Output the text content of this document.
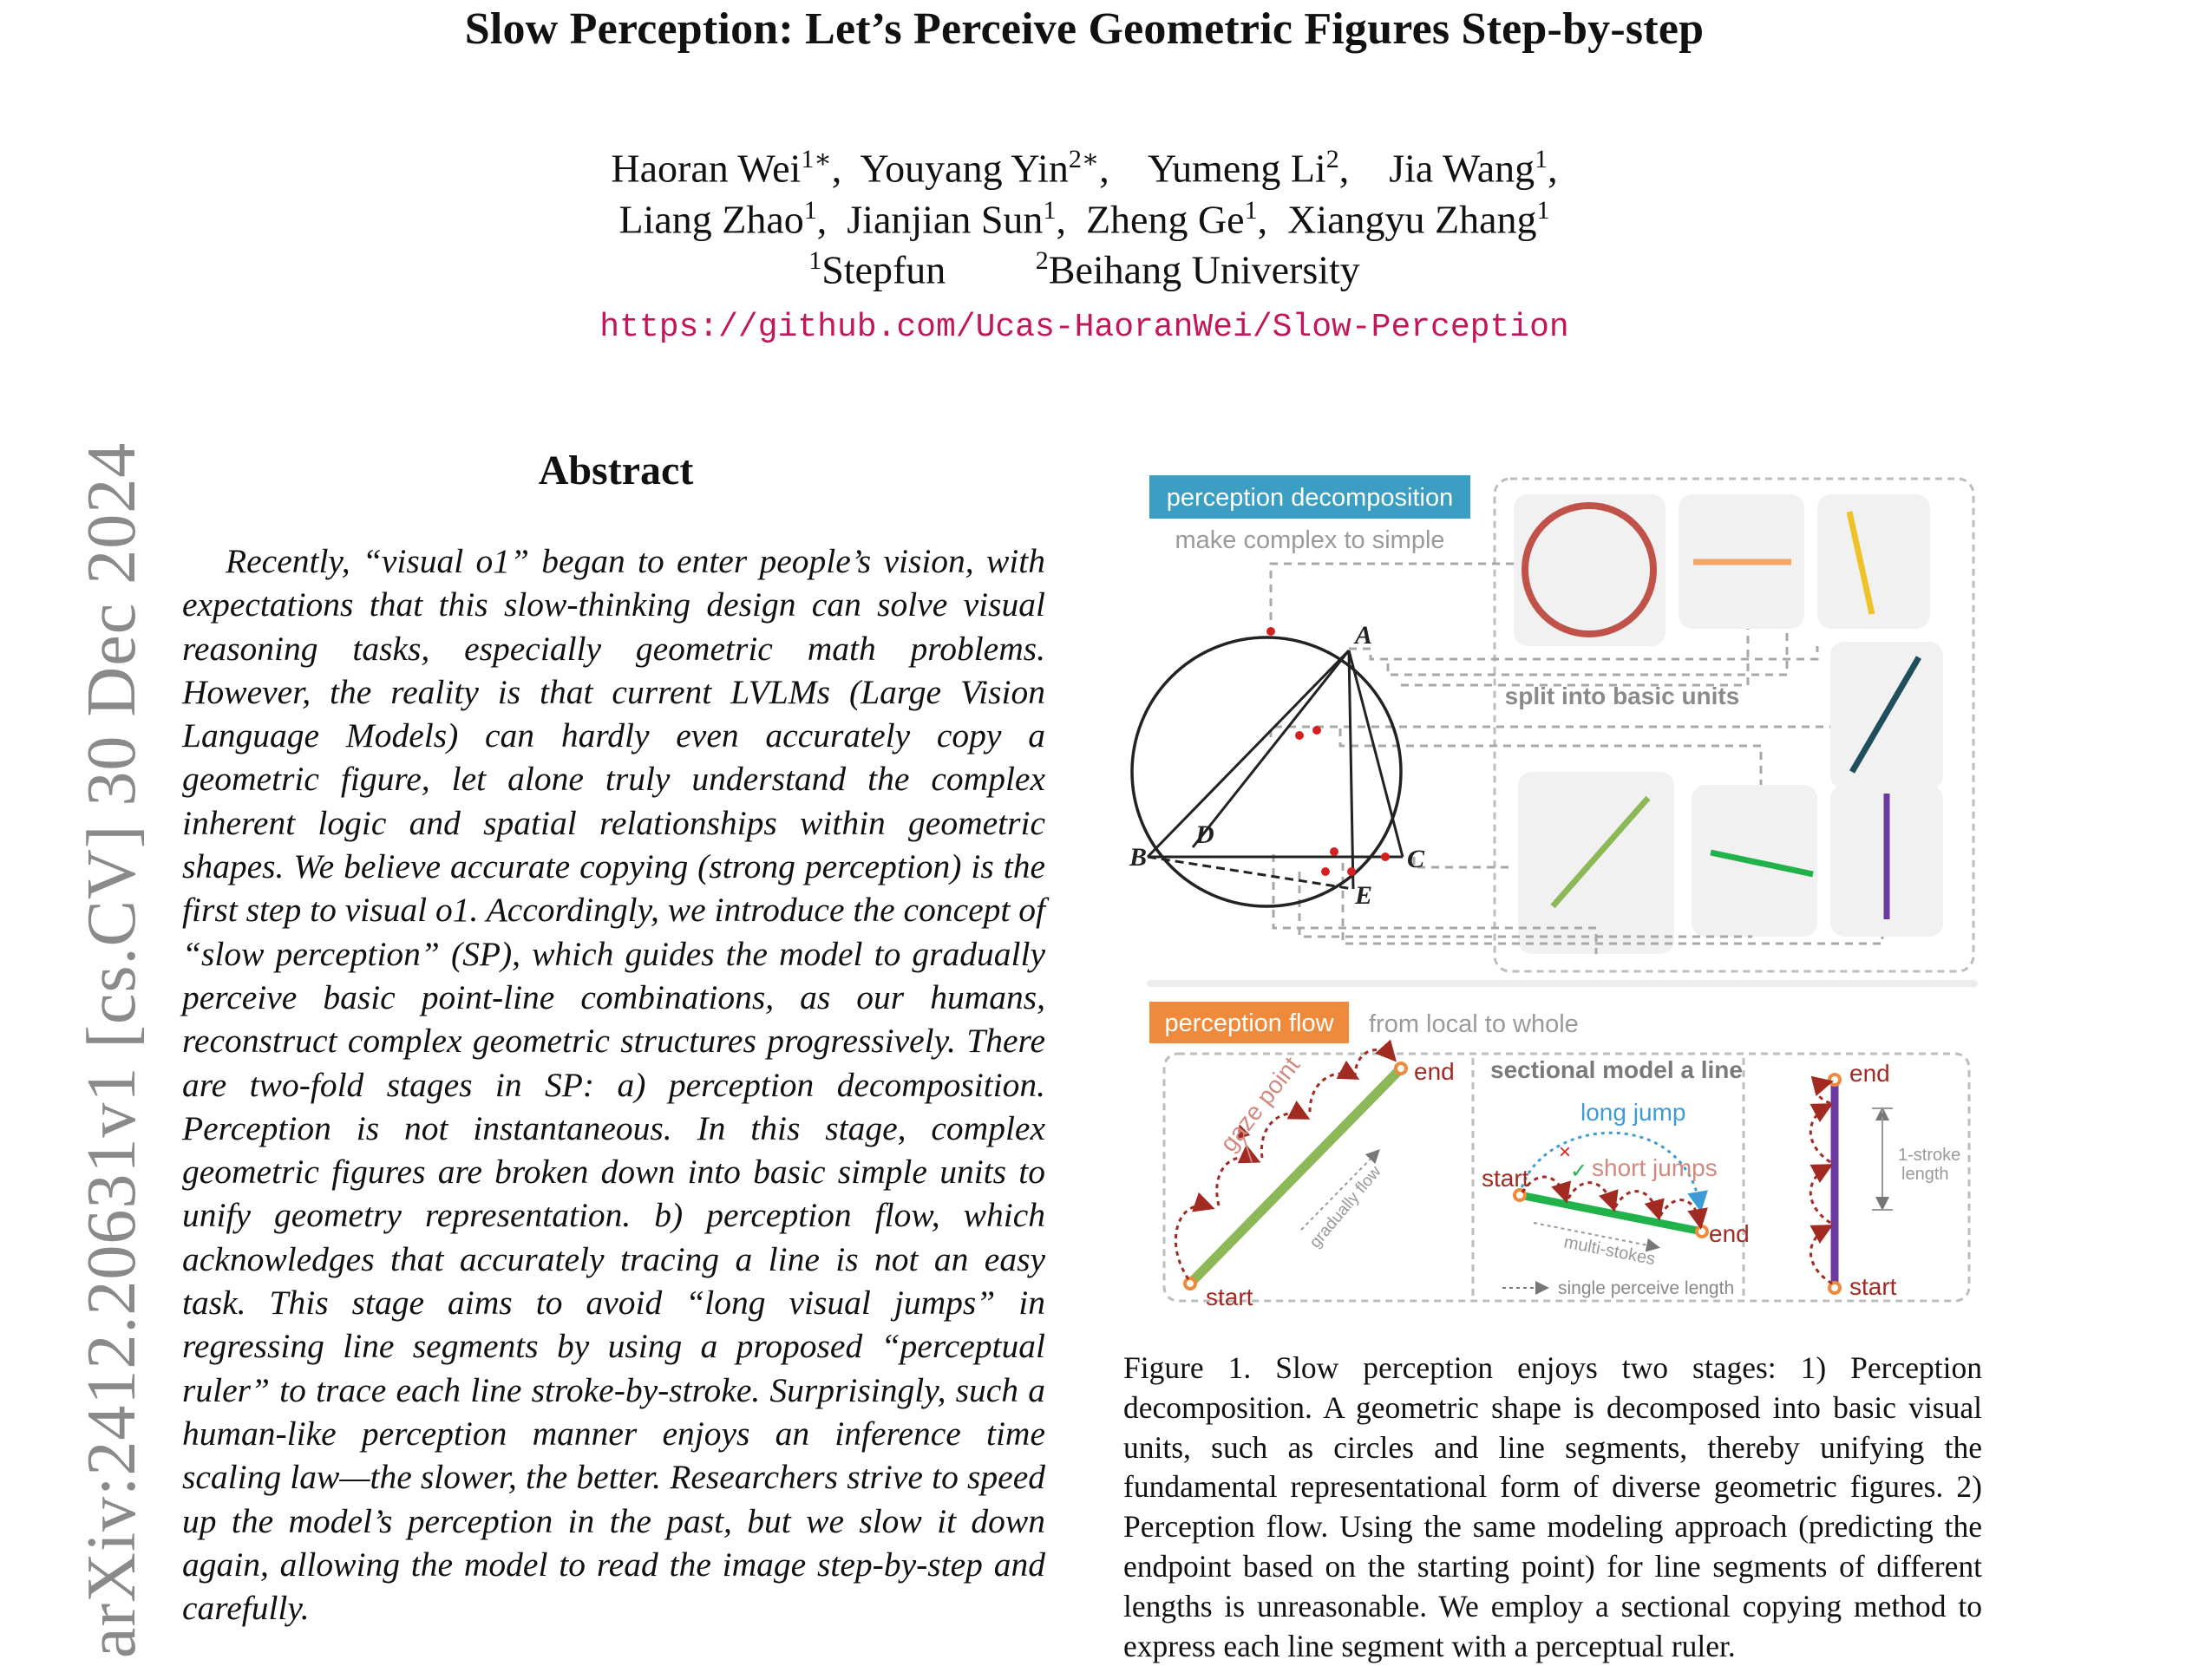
Slow Perception: Let’s Perceive Geometric Figures Step-by-step
Haoran Wei$^{1∗}$,  Youyang Yin$^{2∗}$,    Yumeng Li$^2$,    Jia Wang$^1$,
Liang Zhao$^1$,  Jianjian Sun$^1$,  Zheng Ge$^1$,  Xiangyu Zhang$^1$
$^1$Stepfun	$^2$Beihang University
https://github.com/Ucas-HaoranWei/Slow-Perception
arXiv:2412.20631v1 [cs.CV] 30 Dec 2024	Abstract
Recently, “visual o1” began to enter people’s vision, with expectations that this slow-thinking design can solve visual reasoning tasks, especially geometric math problems. However, the reality is that current LVLMs (Large Vision Language Models) can hardly even accurately copy a geometric figure, let alone truly understand the complex inherent logic and spatial relationships within geometric shapes. We believe accurate copying (strong perception) is the first step to visual o1. Accordingly, we introduce the concept of “slow perception” (SP), which guides the model to gradually perceive basic point-line combinations, as our humans, reconstruct complex geometric structures progressively. There are two-fold stages in SP: a) perception decomposition. Perception is not instantaneous. In this stage, complex geometric figures are broken down into basic simple units to unify geometry representation. b) perception flow, which acknowledges that accurately tracing a line is not an easy task. This stage aims to avoid “long visual jumps” in regressing line segments by using a proposed “perceptual ruler” to trace each line stroke-by-stroke. Surprisingly, such a human-like perception manner enjoys an inference time scaling law—the slower, the better. Researchers strive to speed up the model’s perception in the past, but we slow it down again, allowing the model to read the image step-by-step and carefully.
perception decomposition
make complex to simple
split into basic units
A
B	C
D
E
perception flow from local to whole
gaze point
gradually flow
start
end sectional model a line
long jump
×
✓ short jumps
start
end
multi-stokes
single perceive length
1-stroke
length
end
start
Figure 1. Slow perception enjoys two stages: 1) Perception decomposition. A geometric shape is decomposed into basic visual units, such as circles and line segments, thereby unifying the fundamental representational form of diverse geometric figures. 2) Perception flow. Using the same modeling approach (predicting the endpoint based on the starting point) for line segments of different lengths is unreasonable. We employ a sectional copying method to express each line segment with a perceptual ruler.
